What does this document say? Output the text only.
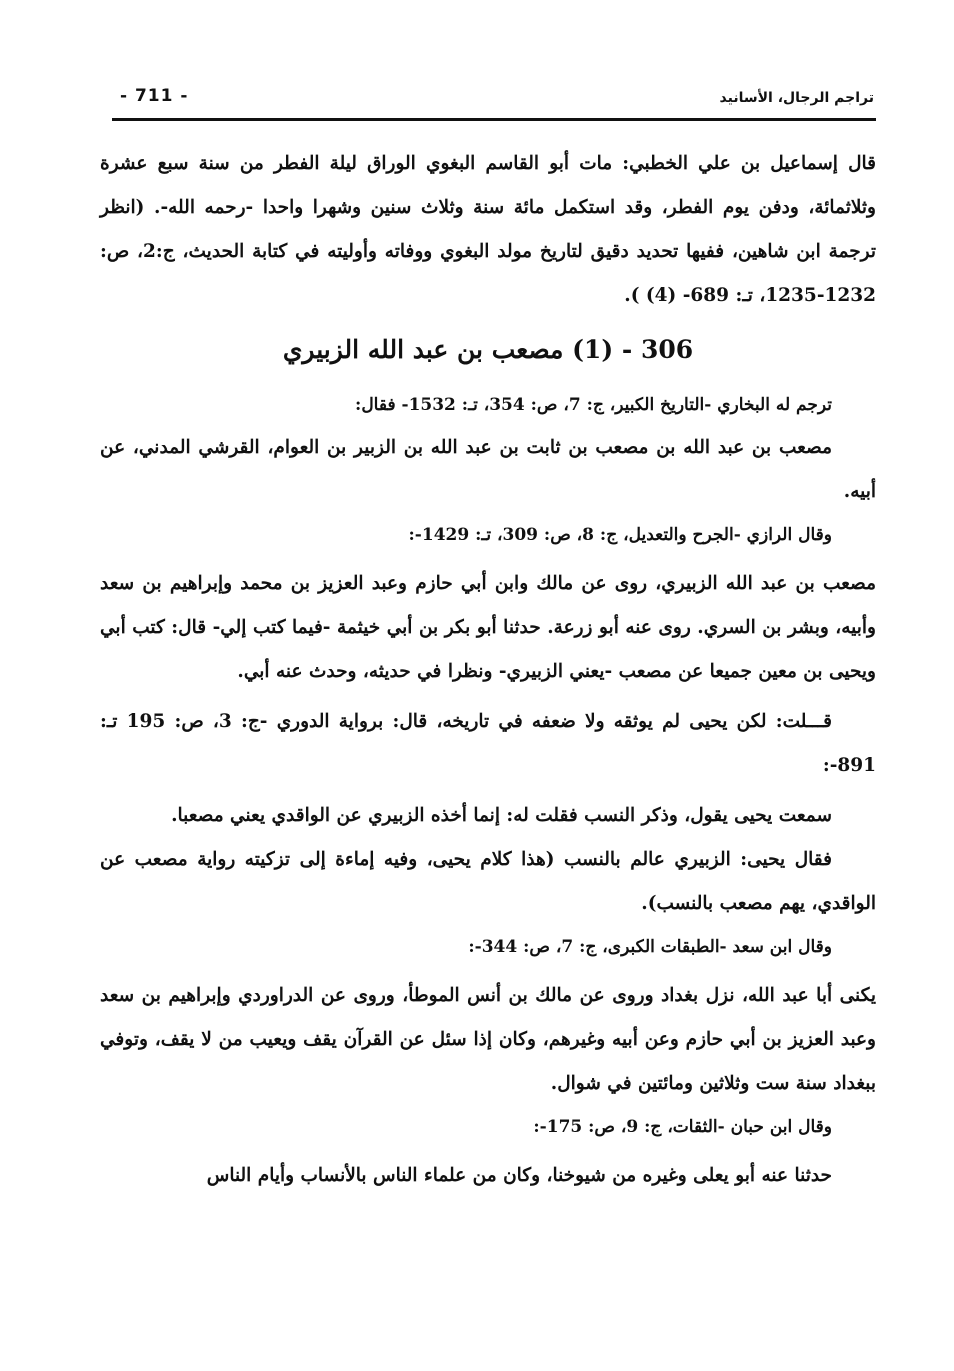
- 711 -	تراجم الرجال، الأسانيد

قال إسماعيل بن علي الخطبي: مات أبو القاسم البغوي الوراق ليلة الفطر من سنة سبع عشرة وثلاثمائة، ودفن يوم الفطر، وقد استكمل مائة سنة وثلاث سنين وشهرا واحدا -رحمه الله-. (انظر ترجمة ابن شاهين، ففيها تحديد دقيق لتاريخ مولد البغوي ووفاته وأوليته في كتابة الحديث، ج:2، ص: 1232-1235، تـ: 689- (4) ).

306 - (1) مصعب بن عبد الله الزبيري

ترجم له البخاري -التاريخ الكبير، ج: 7، ص: 354، تـ: 1532- فقال:

مصعب بن عبد الله بن مصعب بن ثابت بن عبد الله بن الزبير بن العوام، القرشي المدني، عن أبيه.

وقال الرازي -الجرح والتعديل، ج: 8، ص: 309، تـ: 1429-:

مصعب بن عبد الله الزبيري، روى عن مالك وابن أبي حازم وعبد العزيز بن محمد وإبراهيم بن سعد وأبيه، وبشر بن السري. روى عنه أبو زرعة. حدثنا أبو بكر بن أبي خيثمة -فيما كتب إلي- قال: كتب أبي ويحيى بن معين جميعا عن مصعب -يعني الزبيري- ونظرا في حديثه، وحدث عنه أبي.

قـــلت: لكن يحيى لم يوثقه ولا ضعفه في تاريخه، قال: برواية الدوري -ج: 3، ص: 195 تـ: 891-:

سمعت يحيى يقول، وذكر النسب فقلت له: إنما أخذه الزبيري عن الواقدي يعني مصعبا.

فقال يحيى: الزبيري عالم بالنسب (هذا كلام يحيى، وفيه إماءة إلى تزكيته رواية مصعب عن الواقدي، يهم مصعب بالنسب).

وقال ابن سعد -الطبقات الكبرى، ج: 7، ص: 344-:

يكنى أبا عبد الله، نزل بغداد وروى عن مالك بن أنس الموطأ، وروى عن الدراوردي وإبراهيم بن سعد وعبد العزيز بن أبي حازم وعن أبيه وغيرهم، وكان إذا سئل عن القرآن يقف ويعيب من لا يقف، وتوفي ببغداد سنة ست وثلاثين ومائتين في شوال.

وقال ابن حبان -الثقات، ج: 9، ص: 175-:

حدثنا عنه أبو يعلى وغيره من شيوخنا، وكان من علماء الناس بالأنساب وأيام الناس
